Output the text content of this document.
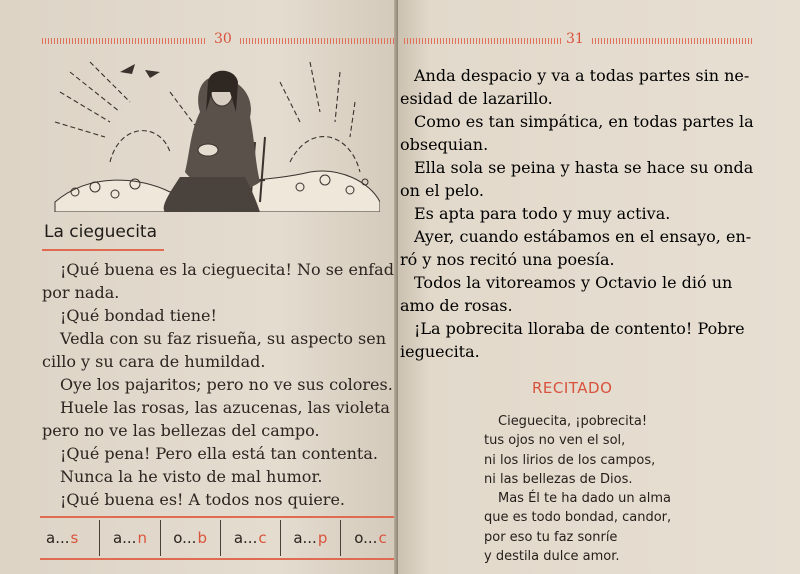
30
La cieguecita

¡Qué buena es la cieguecita! No se enfad

por nada.

¡Qué bondad tiene!

Vedla con su faz risueña, su aspecto sen

cillo y su cara de humildad.

Oye los pajaritos; pero no ve sus colores.

Huele las rosas, las azucenas, las violeta

pero no ve las bellezas del campo.

¡Qué pena! Pero ella está tan contenta.

Nunca la he visto de mal humor.

¡Qué buena es! A todos nos quiere.

a... s a... n o... b a... c a... p o... c
31

Anda despacio y va a todas partes sin ne-

esidad de lazarillo.

Como es tan simpática, en todas partes la

obsequian.

Ella sola se peina y hasta se hace su onda

on el pelo.

Es apta para todo y muy activa.

Ayer, cuando estábamos en el ensayo, en-

ró y nos recitó una poesía.

Todos la vitoreamos y Octavio le dió un

amo de rosas.

¡La pobrecita lloraba de contento! Pobre

ieguecita.

RECITADO
Cieguecita, ¡pobrecita!
tus ojos no ven el sol,
ni los lirios de los campos,
ni las bellezas de Dios.
Mas Él te ha dado un alma
que es todo bondad, candor,
por eso tu faz sonríe
y destila dulce amor.
